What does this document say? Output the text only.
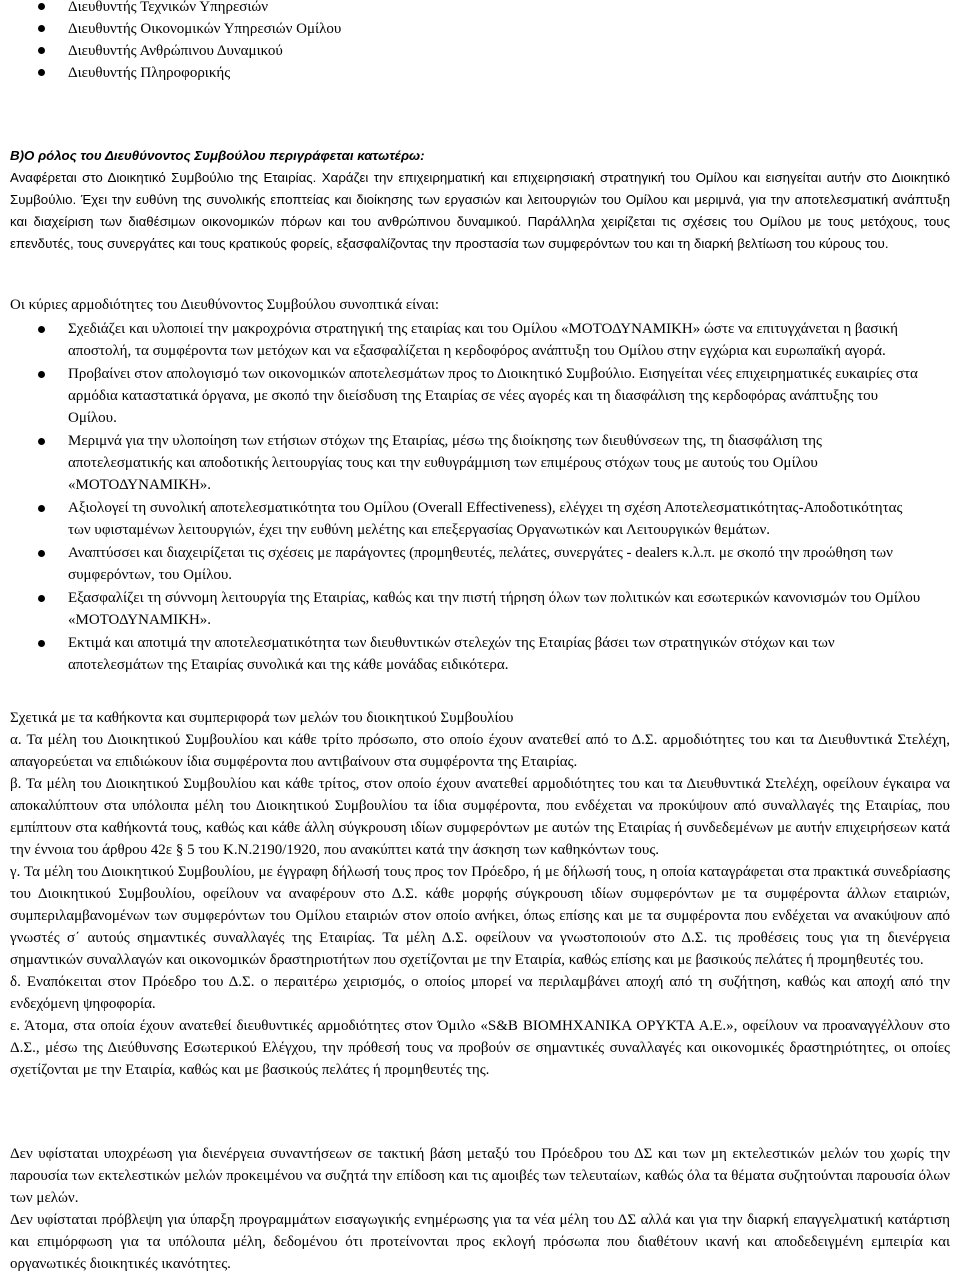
Διευθυντής Τεχνικών Υπηρεσιών
Διευθυντής Οικονομικών Υπηρεσιών Ομίλου
Διευθυντής Ανθρώπινου Δυναμικού
Διευθυντής Πληροφορικής

Β)Ο ρόλος του Διευθύνοντος Συμβούλου περιγράφεται κατωτέρω:

Αναφέρεται στο Διοικητικό Συμβούλιο της Εταιρίας. Χαράζει την επιχειρηματική και επιχειρησιακή στρατηγική του Ομίλου και εισηγείται αυτήν στο Διοικητικό Συμβούλιο. Έχει την ευθύνη της συνολικής εποπτείας και διοίκησης των εργασιών και λειτουργιών του Ομίλου και μεριμνά, για την αποτελεσματική ανάπτυξη και διαχείριση των διαθέσιμων οικονομικών πόρων και του ανθρώπινου δυναμικού. Παράλληλα χειρίζεται τις σχέσεις του Ομίλου με τους μετόχους, τους επενδυτές, τους συνεργάτες και τους κρατικούς φορείς, εξασφαλίζοντας την προστασία των συμφερόντων του και τη διαρκή βελτίωση του κύρους του.

Οι κύριες αρμοδιότητες του Διευθύνοντος Συμβούλου συνοπτικά είναι:

Σχεδιάζει και υλοποιεί την μακροχρόνια στρατηγική της εταιρίας και του Ομίλου «ΜΟΤΟΔΥΝΑΜΙΚΗ» ώστε να επιτυγχάνεται η βασική αποστολή, τα συμφέροντα των μετόχων και να εξασφαλίζεται η κερδοφόρος ανάπτυξη του Ομίλου στην εγχώρια και ευρωπαϊκή αγορά.
Προβαίνει στον απολογισμό των οικονομικών αποτελεσμάτων προς το Διοικητικό Συμβούλιο. Εισηγείται νέες επιχειρηματικές ευκαιρίες στα αρμόδια καταστατικά όργανα, με σκοπό την διείσδυση της Εταιρίας σε νέες αγορές και τη διασφάλιση της κερδοφόρας ανάπτυξης του Ομίλου.
Μεριμνά για την υλοποίηση των ετήσιων στόχων της Εταιρίας, μέσω της διοίκησης των διευθύνσεων της, τη διασφάλιση της αποτελεσματικής και αποδοτικής λειτουργίας τους και την ευθυγράμμιση των επιμέρους στόχων τους με αυτούς του Ομίλου «ΜΟΤΟΔΥΝΑΜΙΚΗ».
Αξιολογεί τη συνολική αποτελεσματικότητα του Ομίλου (Overall Effectiveness), ελέγχει τη σχέση Αποτελεσματικότητας-Αποδοτικότητας των υφισταμένων λειτουργιών, έχει την ευθύνη μελέτης και επεξεργασίας Οργανωτικών και Λειτουργικών θεμάτων.
Αναπτύσσει και διαχειρίζεται τις σχέσεις με παράγοντες (προμηθευτές, πελάτες, συνεργάτες - dealers κ.λ.π. με σκοπό την προώθηση των συμφερόντων, του Ομίλου.
Εξασφαλίζει τη σύννομη λειτουργία της Εταιρίας, καθώς και την πιστή τήρηση όλων των πολιτικών και εσωτερικών κανονισμών του Ομίλου «ΜΟΤΟΔΥΝΑΜΙΚΗ».
Εκτιμά και αποτιμά την αποτελεσματικότητα των διευθυντικών στελεχών της Εταιρίας βάσει των στρατηγικών στόχων και των αποτελεσμάτων της Εταιρίας συνολικά και της κάθε μονάδας ειδικότερα.

Σχετικά με τα καθήκοντα και συμπεριφορά των μελών του διοικητικού Συμβουλίου

α. Τα μέλη του Διοικητικού Συμβουλίου και κάθε τρίτο πρόσωπο, στο οποίο έχουν ανατεθεί από το Δ.Σ. αρμοδιότητες του και τα Διευθυντικά Στελέχη, απαγορεύεται να επιδιώκουν ίδια συμφέροντα που αντιβαίνουν στα συμφέροντα της Εταιρίας.

β. Τα μέλη του Διοικητικού Συμβουλίου και κάθε τρίτος, στον οποίο έχουν ανατεθεί αρμοδιότητες του και τα Διευθυντικά Στελέχη, οφείλουν έγκαιρα να αποκαλύπτουν στα υπόλοιπα μέλη του Διοικητικού Συμβουλίου τα ίδια συμφέροντα, που ενδέχεται να προκύψουν από συναλλαγές της Εταιρίας, που εμπίπτουν στα καθήκοντά τους, καθώς και κάθε άλλη σύγκρουση ιδίων συμφερόντων με αυτών της Εταιρίας ή συνδεδεμένων με αυτήν επιχειρήσεων κατά την έννοια του άρθρου 42ε § 5 του Κ.Ν.2190/1920, που ανακύπτει κατά την άσκηση των καθηκόντων τους.

γ. Τα μέλη του Διοικητικού Συμβουλίου, με έγγραφη δήλωσή τους προς τον Πρόεδρο, ή με δήλωσή τους, η οποία καταγράφεται στα πρακτικά συνεδρίασης του Διοικητικού Συμβουλίου, οφείλουν να αναφέρουν στο Δ.Σ. κάθε μορφής σύγκρουση ιδίων συμφερόντων με τα συμφέροντα άλλων εταιριών, συμπεριλαμβανομένων των συμφερόντων του Ομίλου εταιριών στον οποίο ανήκει, όπως επίσης και με τα συμφέροντα που ενδέχεται να ανακύψουν από γνωστές σ΄ αυτούς σημαντικές συναλλαγές της Εταιρίας. Τα μέλη Δ.Σ. οφείλουν να γνωστοποιούν στο Δ.Σ. τις προθέσεις τους για τη διενέργεια σημαντικών συναλλαγών και οικονομικών δραστηριοτήτων που σχετίζονται με την Εταιρία, καθώς επίσης και με βασικούς πελάτες ή προμηθευτές του.

δ. Εναπόκειται στον Πρόεδρο του Δ.Σ. ο περαιτέρω χειρισμός, ο οποίος μπορεί να περιλαμβάνει αποχή από τη συζήτηση, καθώς και αποχή από την ενδεχόμενη ψηφοφορία.

ε. Άτομα, στα οποία έχουν ανατεθεί διευθυντικές αρμοδιότητες στον Όμιλο «S&B ΒΙΟΜΗΧΑΝΙΚΑ ΟΡΥΚΤΑ Α.Ε.», οφείλουν να προαναγγέλλουν στο Δ.Σ., μέσω της Διεύθυνσης Εσωτερικού Ελέγχου, την πρόθεσή τους να προβούν σε σημαντικές συναλλαγές και οικονομικές δραστηριότητες, οι οποίες σχετίζονται με την Εταιρία, καθώς και με βασικούς πελάτες ή προμηθευτές της.

Δεν υφίσταται υποχρέωση για διενέργεια συναντήσεων σε τακτική βάση μεταξύ του Πρόεδρου του ΔΣ και των μη εκτελεστικών μελών του χωρίς την παρουσία των εκτελεστικών μελών προκειμένου να συζητά την επίδοση και τις αμοιβές των τελευταίων, καθώς όλα τα θέματα συζητούνται παρουσία όλων των μελών.

Δεν υφίσταται πρόβλεψη για ύπαρξη προγραμμάτων εισαγωγικής ενημέρωσης για τα νέα μέλη του ΔΣ αλλά και για την διαρκή επαγγελματική κατάρτιση και επιμόρφωση για τα υπόλοιπα μέλη, δεδομένου ότι προτείνονται προς εκλογή πρόσωπα που διαθέτουν ικανή και αποδεδειγμένη εμπειρία και οργανωτικές διοικητικές ικανότητες.
